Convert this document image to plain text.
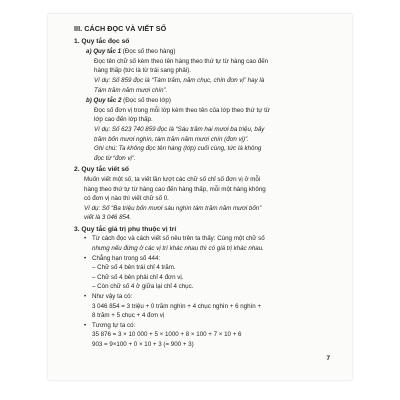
III. CÁCH ĐỌC VÀ VIẾT SỐ
1. Quy tắc đọc số
a) Quy tắc 1 (Đọc số theo hàng)
Đọc tên chữ số kèm theo tên hàng theo thứ tự từ hàng cao đến
hàng thấp (tức là từ trái sang phải).
Ví dụ: Số 859 đọc là “Tám trăm, năm chục, chín đơn vị” hay là
Tám trăm năm mươi chín”.
b) Quy tắc 2 (Đọc số theo lớp)
Đọc số đơn vị trong mỗi lớp kèm theo tên của lớp theo thứ tự từ
lớp cao đến lớp thấp.
Ví dụ: Số 623 740 859 đọc là “Sáu trăm hai mươi ba triệu, bảy
trăm bốn mươi nghìn, tám trăm năm mươi chín (đơn vị)”.
Ghi chú: Ta không đọc tên hàng (lớp) cuối cùng, tức là không
đọc từ “đơn vị”.
2. Quy tắc viết số
Muốn viết một số, ta viết lần lượt các chữ số chỉ số đơn vị ở mỗi
hàng theo thứ tự từ hàng cao đến hàng thấp, mỗi một hàng không
có đơn vị nào thì viết chữ số 0.
Ví dụ: Số “Ba triệu bốn mươi sáu nghìn tám trăm năm mươi bốn”
viết là 3 046 854.
3. Quy tắc giá trị phụ thuộc vị trí
• Từ cách đọc và cách viết số nêu trên ta thấy: Cùng một chữ số
nhưng nếu đứng ở các vị trí khác nhau thì có giá trị khác nhau.
• Chẳng hạn trong số 444:
– Chữ số 4 bên trái chỉ 4 trăm.
– Chữ số 4 bên phải chỉ 4 đơn vị.
– Còn chữ số 4 ở giữa lại chỉ 4 chục.
• Như vậy ta có:
3 046 854 = 3 triệu + 0 trăm nghìn + 4 chục nghìn + 6 nghìn +
8 trăm + 5 chục + 4 đơn vị
• Tương tự ta có:
35 876 = 3 × 10 000 + 5 × 1000 + 8 × 100 + 7 × 10 + 6
903 = 9×100 + 0 × 10 + 3 (= 900 + 3)
7
